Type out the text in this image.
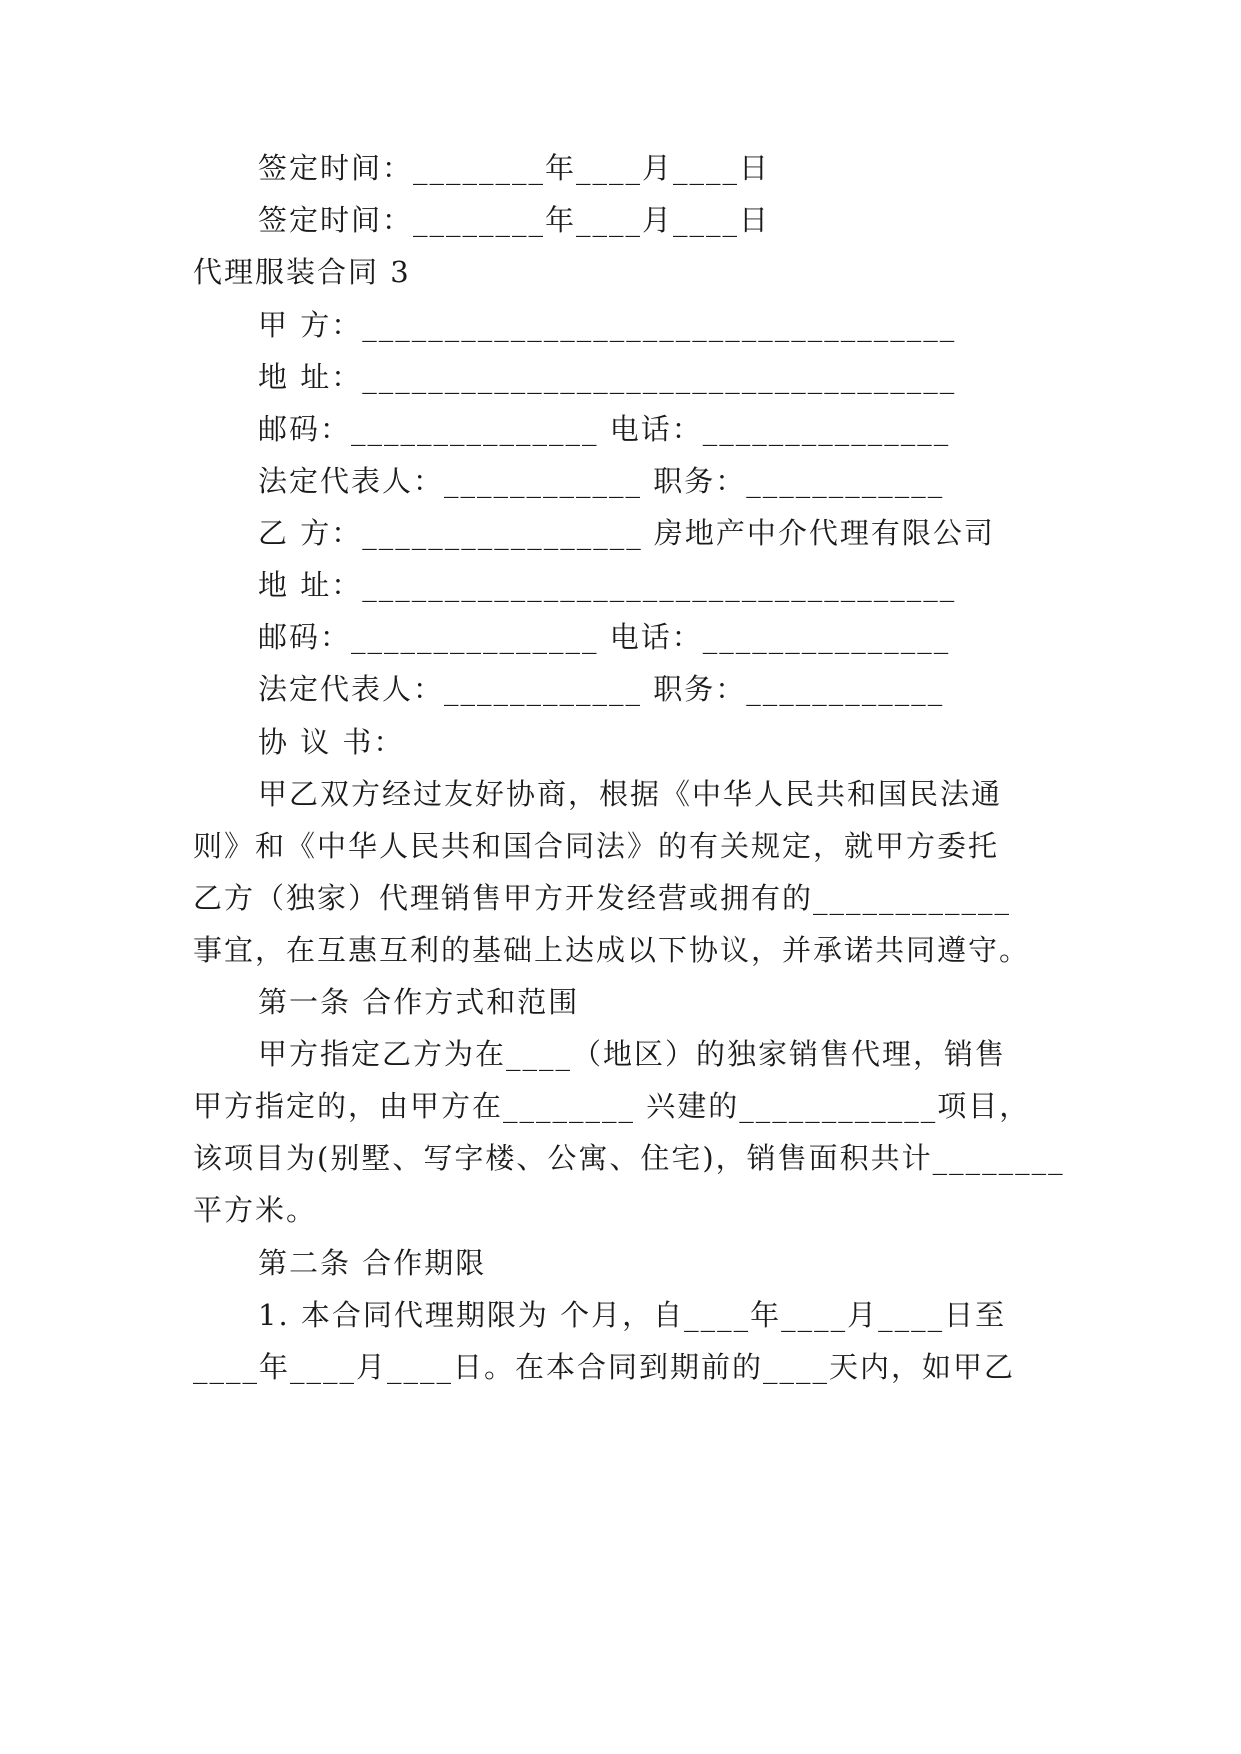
签定时间：________年____月____日
签定时间：________年____月____日
代理服装合同 3
甲 方：____________________________________
地 址：____________________________________
邮码：_______________ 电话：_______________
法定代表人：____________ 职务：____________
乙 方：_________________ 房地产中介代理有限公司
地 址：____________________________________
邮码：_______________ 电话：_______________
法定代表人：____________ 职务：____________
协 议 书：
甲乙双方经过友好协商，根据《中华人民共和国民法通
则》和《中华人民共和国合同法》的有关规定，就甲方委托
乙方（独家）代理销售甲方开发经营或拥有的____________
事宜，在互惠互利的基础上达成以下协议，并承诺共同遵守。
第一条 合作方式和范围
甲方指定乙方为在____（地区）的独家销售代理，销售
甲方指定的，由甲方在________ 兴建的____________项目，
该项目为(别墅、写字楼、公寓、住宅)，销售面积共计________
平方米。
第二条 合作期限
1. 本合同代理期限为 个月，自____年____月____日至
____年____月____日。在本合同到期前的____天内，如甲乙
